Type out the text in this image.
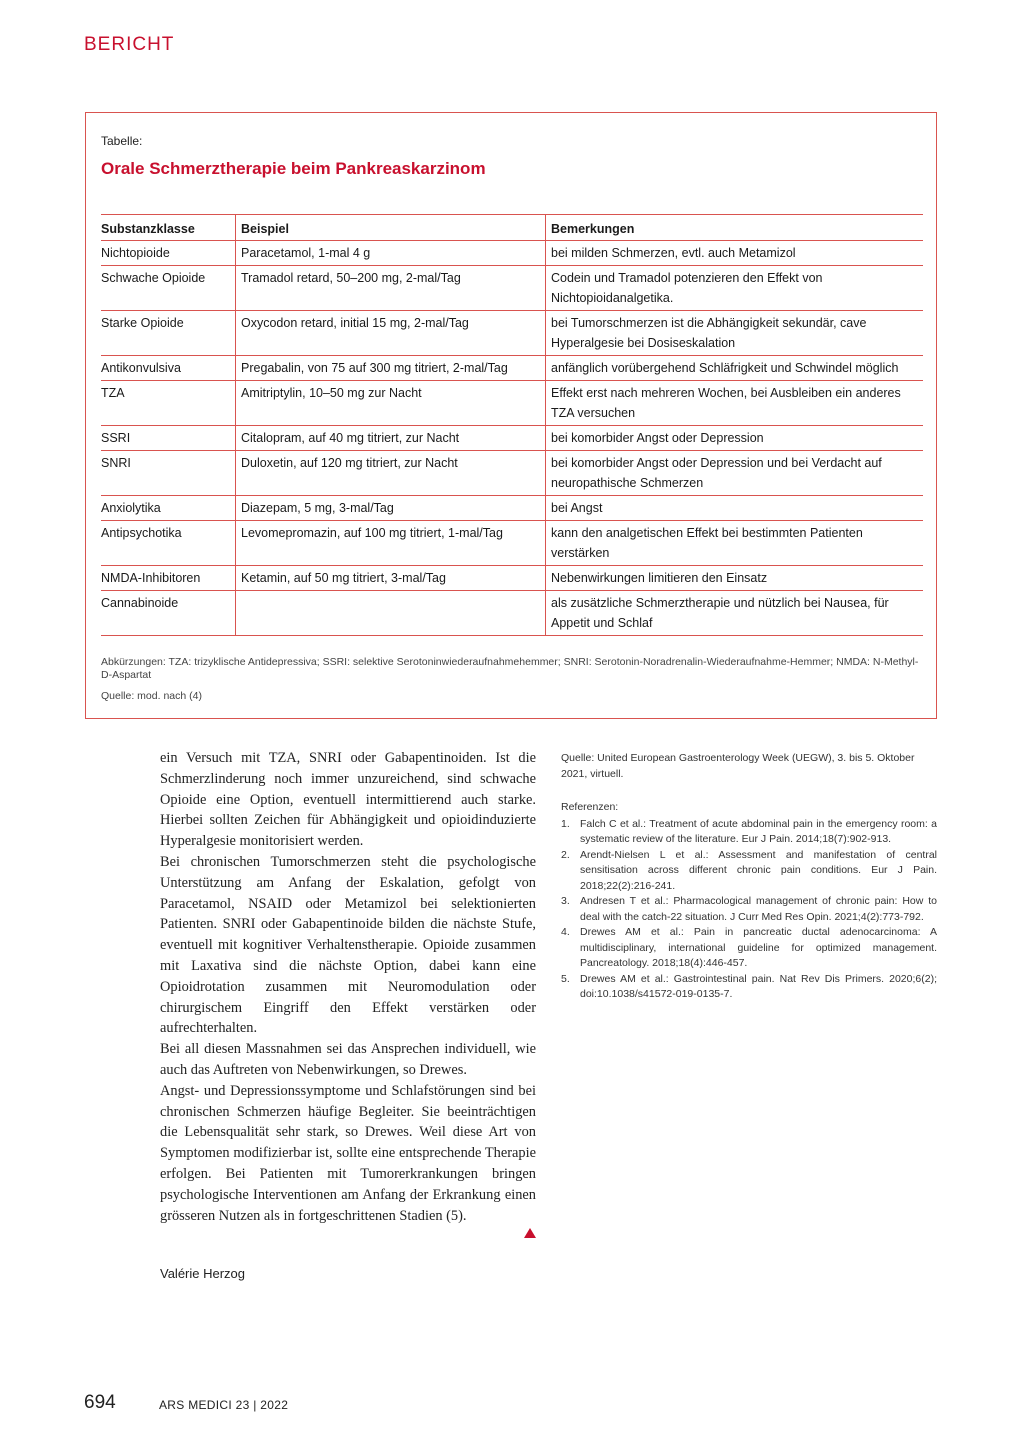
BERICHT
Tabelle:
Orale Schmerztherapie beim Pankreaskarzinom
Substanzklasse	Beispiel	Bemerkungen
Nichtopioide	Paracetamol, 1-mal 4 g	bei milden Schmerzen, evtl. auch Metamizol
Schwache Opioide	Tramadol retard, 50–200 mg, 2-mal/Tag	Codein und Tramadol potenzieren den Effekt von Nichtopioidanalgetika.
Starke Opioide	Oxycodon retard, initial 15 mg, 2-mal/Tag	bei Tumorschmerzen ist die Abhängigkeit sekundär, cave Hyperalgesie bei Dosiseskalation
Antikonvulsiva	Pregabalin, von 75 auf 300 mg titriert, 2-mal/Tag	anfänglich vorübergehend Schläfrigkeit und Schwindel möglich
TZA	Amitriptylin, 10–50 mg zur Nacht	Effekt erst nach mehreren Wochen, bei Ausbleiben ein anderes TZA versuchen
SSRI	Citalopram, auf 40 mg titriert, zur Nacht	bei komorbider Angst oder Depression
SNRI	Duloxetin, auf 120 mg titriert, zur Nacht	bei komorbider Angst oder Depression und bei Verdacht auf neuropathische Schmerzen
Anxiolytika	Diazepam, 5 mg, 3-mal/Tag	bei Angst
Antipsychotika	Levomepromazin, auf 100 mg titriert, 1-mal/Tag	kann den analgetischen Effekt bei bestimmten Patienten verstärken
NMDA-Inhibitoren	Ketamin, auf 50 mg titriert, 3-mal/Tag	Nebenwirkungen limitieren den Einsatz
Cannabinoide		als zusätzliche Schmerztherapie und nützlich bei Nausea, für Appetit und Schlaf
Abkürzungen: TZA: trizyklische Antidepressiva; SSRI: selektive Serotoninwiederaufnahmehemmer; SNRI: Serotonin-Noradrenalin-Wiederaufnahme-Hemmer; NMDA: N-Methyl-D-Aspartat
Quelle: mod. nach (4)

ein Versuch mit TZA, SNRI oder Gabapentinoiden. Ist die Schmerzlinderung noch immer unzureichend, sind schwache Opioide eine Option, eventuell intermittierend auch starke. Hierbei sollten Zeichen für Abhängigkeit und opioidinduzierte Hyperalgesie monitorisiert werden.

Bei chronischen Tumorschmerzen steht die psychologische Unterstützung am Anfang der Eskalation, gefolgt von Paracetamol, NSAID oder Metamizol bei selektionierten Patienten. SNRI oder Gabapentinoide bilden die nächste Stufe, eventuell mit kognitiver Verhaltenstherapie. Opioide zusammen mit Laxativa sind die nächste Option, dabei kann eine Opioidrotation zusammen mit Neuromodulation oder chirurgischem Eingriff den Effekt verstärken oder aufrechterhalten.

Bei all diesen Massnahmen sei das Ansprechen individuell, wie auch das Auftreten von Nebenwirkungen, so Drewes.

Angst- und Depressionssymptome und Schlafstörungen sind bei chronischen Schmerzen häufige Begleiter. Sie beeinträchtigen die Lebensqualität sehr stark, so Drewes. Weil diese Art von Symptomen modifizierbar ist, sollte eine entsprechende Therapie erfolgen. Bei Patienten mit Tumorerkrankungen bringen psychologische Interventionen am Anfang der Erkrankung einen grösseren Nutzen als in fortgeschrittenen Stadien (5).

Valérie Herzog

Quelle: United European Gastroenterology Week (UEGW), 3. bis 5. Oktober 2021, virtuell.

Referenzen:

1. Falch C et al.: Treatment of acute abdominal pain in the emergency room: a systematic review of the literature. Eur J Pain. 2014;18(7):902-913.
2. Arendt-Nielsen L et al.: Assessment and manifestation of central sensitisation across different chronic pain conditions. Eur J Pain. 2018;22(2):216-241.
3. Andresen T et al.: Pharmacological management of chronic pain: How to deal with the catch-22 situation. J Curr Med Res Opin. 2021;4(2):773-792.
4. Drewes AM et al.: Pain in pancreatic ductal adenocarcinoma: A multidisciplinary, international guideline for optimized management. Pancreatology. 2018;18(4):446-457.
5. Drewes AM et al.: Gastrointestinal pain. Nat Rev Dis Primers. 2020;6(2); doi:10.1038/s41572-019-0135-7.
694	ARS MEDICI 23 | 2022
